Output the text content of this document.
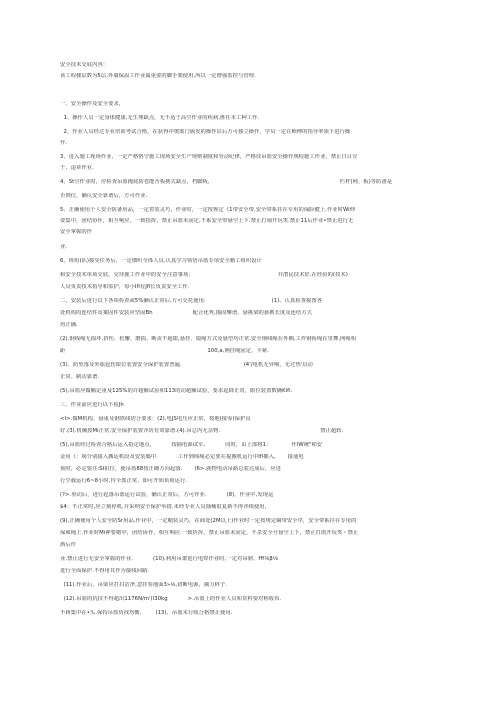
安全技术交底内容：
该工程楼层数为5层,外墙保温工作业属重要的脚手架使用,所以一定增强监控与管理.
一、安全操作及安全要求，
1、操作人员一定身体健康,无生理缺点，无不适于高空作业的疾病,胜任本工种工作.
2、作业人员经过专业培训考试合格，在获得中奥部门颁发的操作证后方可独立操作，学员一定在师傅的指导率领下进行操
作.
3、进入施工现场作业，一定严格恪守施工现场安全生产规则制度和劳动纪律，严格技吊篮安全操作规程施工作业，禁止日目宣
干、违章作业.
4、St空作业时，应检查吊篮掩底防卷能否板挑式缺点，档脚板,	栏杆(网、板)等防备是
否到位，确认安全靠谱后，方可作业.
5、正确使用个人安全防备用品，一定着装灵巧，作业时，一定按规定《1带安全带,安全带系挂在专用的保险健上.作业时Wi伸
要集中，团结协作，相互响应，一致指挥，禁止吊篮未固定,不系安全带悬空上下.禁止打闹开玩笑.禁止11后作业•禁止进行无
安全掌握的作
业.
6、班组(队)接受任务后，一定细织全体人员,认真学习领悟吊篮专项安全籍工组织设计
和安全技术单项交底，交待施工作业中的安全注意事项；	并潜民技术好,在经验的(技术)
人员负责技术指导和监护，每小Ifl有Jfl长负责安全工作.
二、安装后进行以下各项检查或5%确认正常后,方可交托使用.	(1)、认真检查握图各
处机构的连结件及案固件安装应坚固Bh	配合优秀,锚固攀谱，悬挑梁的悬携长度及连结方式
均正确.
(2).钢线绳无损坏,挤伤、松懈、磨损、断丧不超限,悬挂、镜绳方式及悬型均正常.安全钢线绳在外侧,工作钢衔绳在里舞,网绳相
距	100,a,例挂绳固定、卡紧.
(3)、防坠落及外旅起伤限位装置安全保护装置普遍.	(4'/电机无异响，无过热'启动
正常、制动靠谱.
(5),吊篮应做额定重及125%的许超额试验和113的动超额试验，要求起降正常，限位装置数确Kifi.
三、作业前应进行以下检Jh
<I>.做M机构、悬重及钢铁线切合要求：(2),电JS电压应正常，按地(接零)保护良
好.(3).机械按Mi正常,安全保护装置齐坊有效靠谱.(4).吊总内无杂物.	禁止超软.
(5),吊篮经过检查合格后运入指定地点,	按捕电源试车,	同时，由上部将1：	作IW统"和安
金用《：竭分别接入搬运机段及安装偶中.	工作到线绳必定要在提搬机运行中Ifl插入, 接通电
预时，必定要注:SI拍位，使吊篮88按正确方向起落. (6>,就物电动吊路总装达成后，应进
行空载运行6~8小时,待全部正常，即可开始负荷运行.
(?>.垂动后，进行起落吊篮运行试验，确认正常后，方可作业.	(8)、作业中,发现运
$4：不正常时,应立刻停机,并采纳安全保护举措.未经专业人员抽械很复新不得齐续使用，
(9),正确使用个人安全防Sr用品,作业中，一定鞘装灵巧，在商处(2M以上)作业时一定按规定嫡带安全序，安全带系挂在专用的
保疯绳上.作业时Mi神要嗯中，团结协作，相互响应.一致折挥，禁止吊篮未固定，不杀安全号悬空上下，禁止打雨开玩笑・禁止
酒后作
业.禁止进行无安全掌握的作业.	(10),利用吊架进行电焊作业时,一定对吊鼎、fff⅛β⅛
进行全面保护.不得用其作为接线回路.
(11).作业后、吊梁应打扫洁净,忽挂奏地面3»⅛,切断电源，摘力秤子.
(12).吊篮的仇技不得超出1176N/m'(l30kg	>.吊篮上的作业人员和货料要对称收布.
不蒋集中在•头.保持吊篮负找均衡.	(13)、吊篮未行收合格禁止使用.
